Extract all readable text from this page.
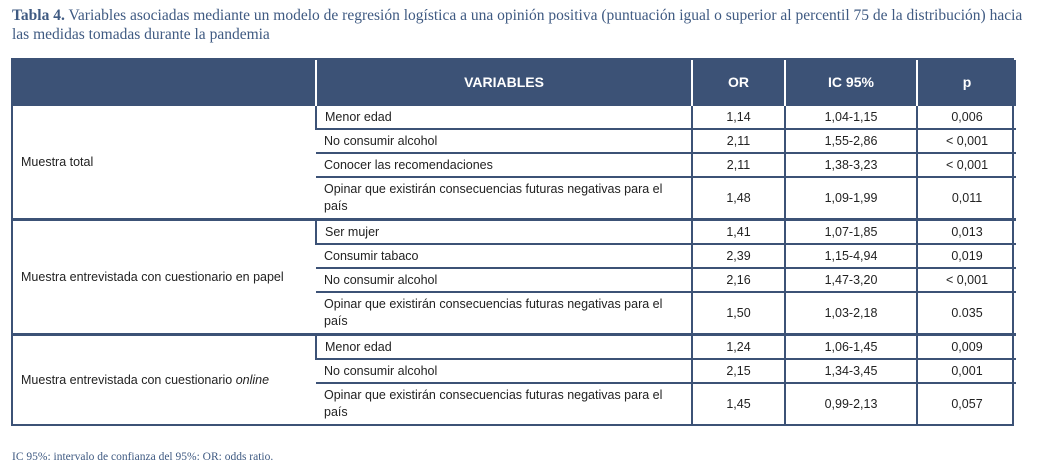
Tabla 4. Variables asociadas mediante un modelo de regresión logística a una opinión positiva (puntuación igual o superior al percentil 75 de la distribución) hacia las medidas tomadas durante la pandemia
	VARIABLES	OR	IC 95%	p
Muestra total	Menor edad	1,14	1,04-1,15	0,006
	No consumir alcohol	2,11	1,55-2,86	< 0,001
	Conocer las recomendaciones	2,11	1,38-3,23	< 0,001
	Opinar que existirán consecuencias futuras negativas para el país	1,48	1,09-1,99	0,011
Muestra entrevistada con cuestionario en papel	Ser mujer	1,41	1,07-1,85	0,013
	Consumir tabaco	2,39	1,15-4,94	0,019
	No consumir alcohol	2,16	1,47-3,20	< 0,001
	Opinar que existirán consecuencias futuras negativas para el país	1,50	1,03-2,18	0.035
Muestra entrevistada con cuestionario online	Menor edad	1,24	1,06-1,45	0,009
	No consumir alcohol	2,15	1,34-3,45	0,001
	Opinar que existirán consecuencias futuras negativas para el país	1,45	0,99-2,13	0,057
IC 95%: intervalo de confianza del 95%: OR: odds ratio.
